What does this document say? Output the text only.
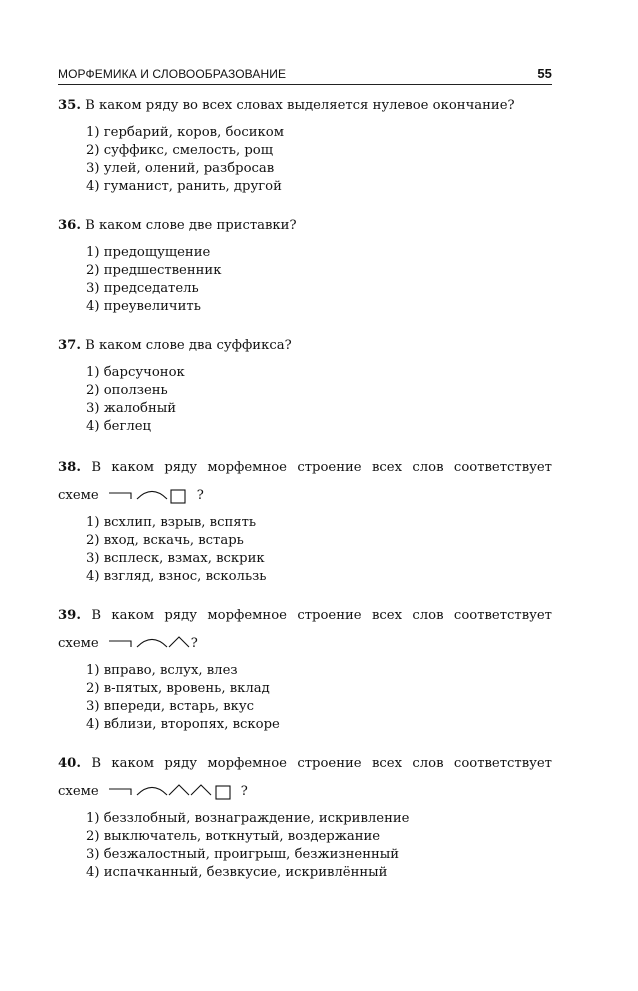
МОРФЕМИКА И СЛОВООБРАЗОВАНИЕ	55

35. В каком ряду во всех словах выделяется нулевое окончание?

1) гербарий, коров, босиком
2) суффикс, смелость, рощ
3) улей, олений, разбросав
4) гуманист, ранить, другой

36. В каком слове две приставки?

1) предощущение
2) предшественник
3) председатель
4) преувеличить

37. В каком слове два суффикса?

1) барсучонок
2) оползень
3) жалобный
4) беглец

38. В каком ряду морфемное строение всех слов соответствует

схеме	?
1) всхлип, взрыв, вспять
2) вход, вскачь, встарь
3) всплеск, взмах, вскрик
4) взгляд, взнос, вскользь

39. В каком ряду морфемное строение всех слов соответствует

схеме	?
1) вправо, вслух, влез
2) в-пятых, вровень, вклад
3) впереди, встарь, вкус
4) вблизи, второпях, вскоре

40. В каком ряду морфемное строение всех слов соответствует

схеме	?
1) беззлобный, вознаграждение, искривление
2) выключатель, воткнутый, воздержание
3) безжалостный, проигрыш, безжизненный
4) испачканный, безвкусие, искривлённый
